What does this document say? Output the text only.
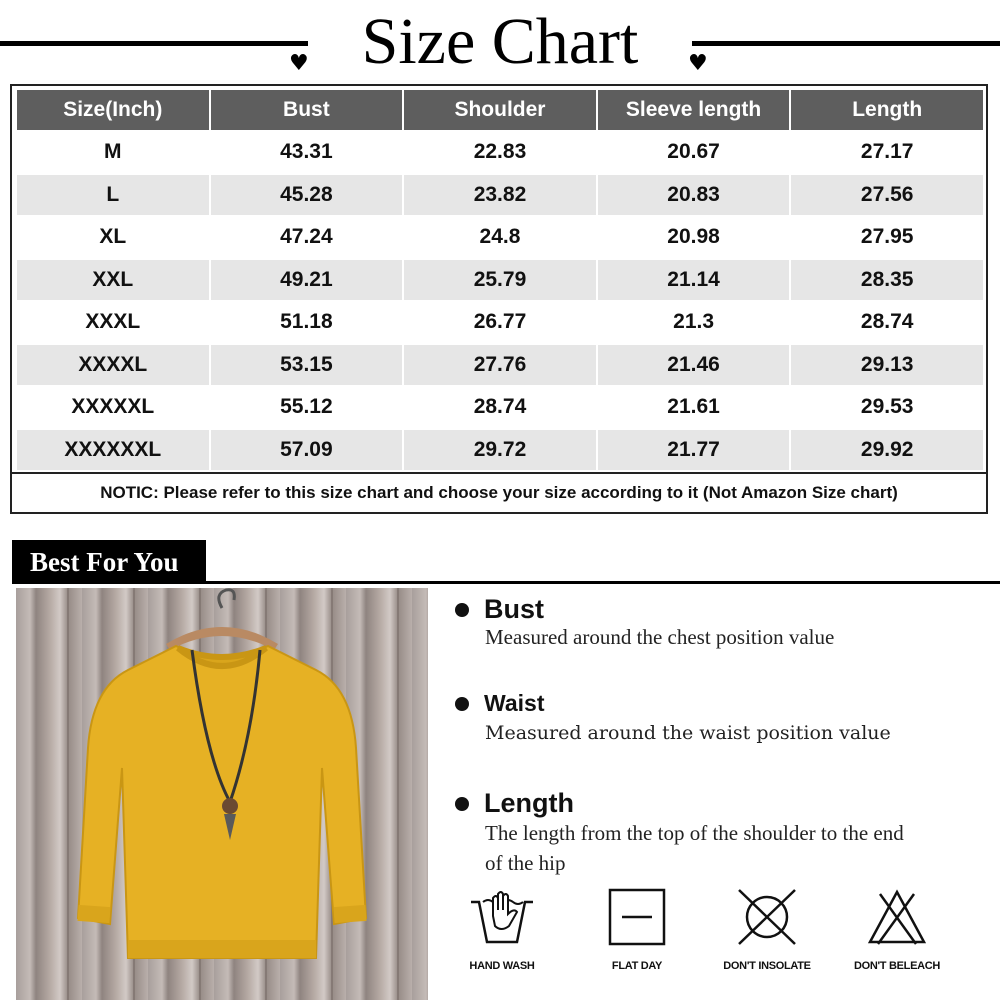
♥ Size Chart	♥
Size(Inch)	Bust	Shoulder	Sleeve length	Length
M	43.31	22.83	20.67	27.17
L	45.28	23.82	20.83	27.56
XL	47.24	24.8	20.98	27.95
XXL	49.21	25.79	21.14	28.35
XXXL	51.18	26.77	21.3	28.74
XXXXL	53.15	27.76	21.46	29.13
XXXXXL	55.12	28.74	21.61	29.53
XXXXXXL	57.09	29.72	21.77	29.92
NOTIC: Please refer to this size chart and choose your size according to it (Not Amazon Size chart)
Best For You
Bust
Measured around the chest position value
Waist
Measured around the waist position value
Length
The length from the top of the shoulder to the end of the hip
HAND WASH	FLAT DAY	DON'T INSOLATE	DON'T BELEACH
